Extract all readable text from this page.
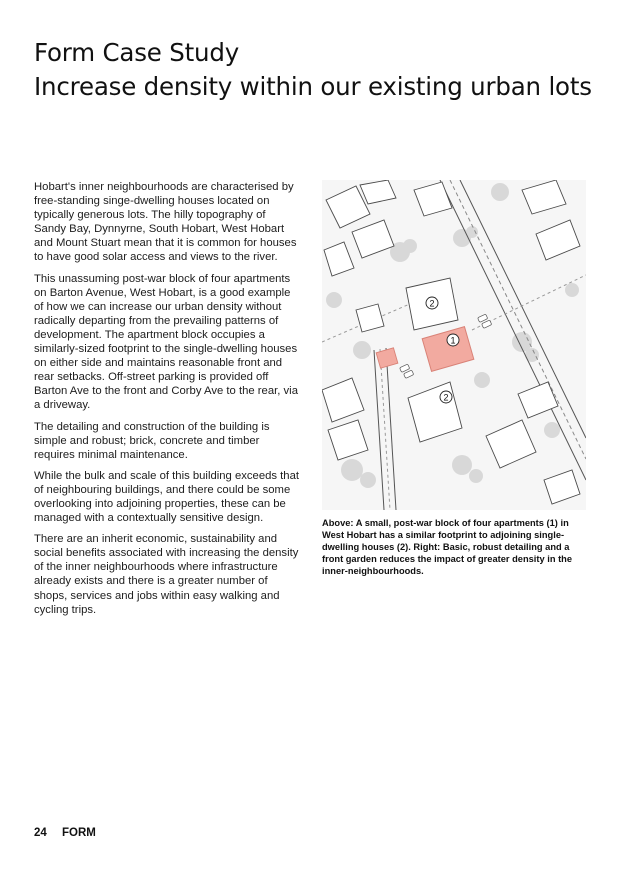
Form Case Study
Increase density within our existing urban lots

Hobart's inner neighbourhoods are characterised by free-standing singe-dwelling houses located on typically generous lots. The hilly topography of Sandy Bay, Dynnyrne, South Hobart, West Hobart and Mount Stuart mean that it is common for houses to have good solar access and views to the river.

This unassuming post-war block of four apartments on Barton Avenue, West Hobart, is a good example of how we can increase our urban density without radically departing from the prevailing patterns of development. The apartment block occupies a similarly-sized footprint to the single-dwelling houses on either side and maintains reasonable front and rear setbacks. Off-street parking is provided off Barton Ave to the front and Corby Ave to the rear, via a driveway.

The detailing and construction of the building is simple and robust; brick, concrete and timber requires minimal maintenance.

While the bulk and scale of this building exceeds that of neighbouring buildings, and there could be some overlooking into adjoining properties, these can be managed with a contextually sensitive design.

There are an inherit economic, sustainability and social benefits associated with increasing the density of the inner neighbourhoods where infrastructure already exists and there is a greater number of shops, services and jobs within easy walking and cycling trips.

2
1
2
Above: A small, post-war block of four apartments (1) in West Hobart has a similar footprint to adjoining single-dwelling houses (2). Right: Basic, robust detailing and a front garden reduces the impact of greater density in the inner-neighbourhoods.
24 FORM
